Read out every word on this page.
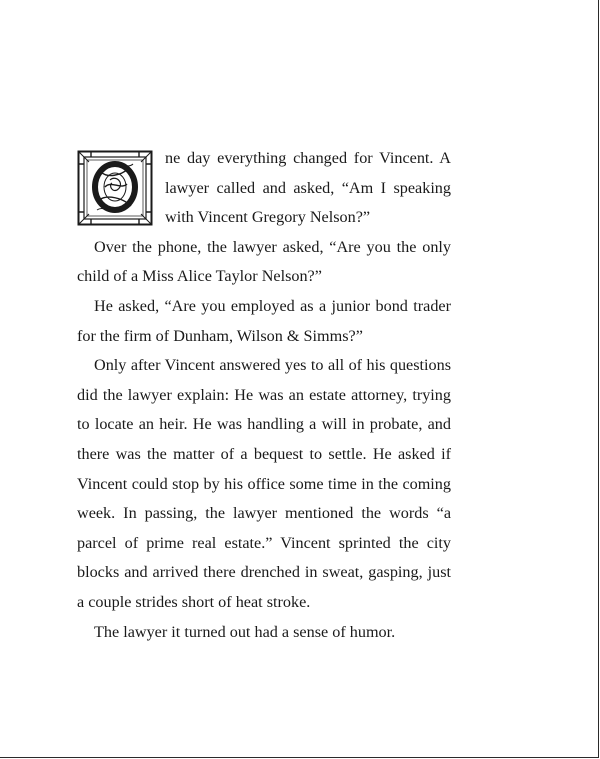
ne day everything changed for Vincent. A lawyer called and asked, “Am I speaking with Vincent Gregory Nelson?”

Over the phone, the lawyer asked, “Are you the only child of a Miss Alice Taylor Nelson?”

He asked, “Are you employed as a junior bond trader for the firm of Dunham, Wilson & Simms?”

Only after Vincent answered yes to all of his questions did the lawyer explain: He was an estate attorney, trying to locate an heir. He was handling a will in probate, and there was the matter of a bequest to settle. He asked if Vincent could stop by his office some time in the coming week. In passing, the lawyer mentioned the words “a parcel of prime real estate.” Vincent sprinted the city blocks and arrived there drenched in sweat, gasping, just a couple strides short of heat stroke.

The lawyer it turned out had a sense of humor.
